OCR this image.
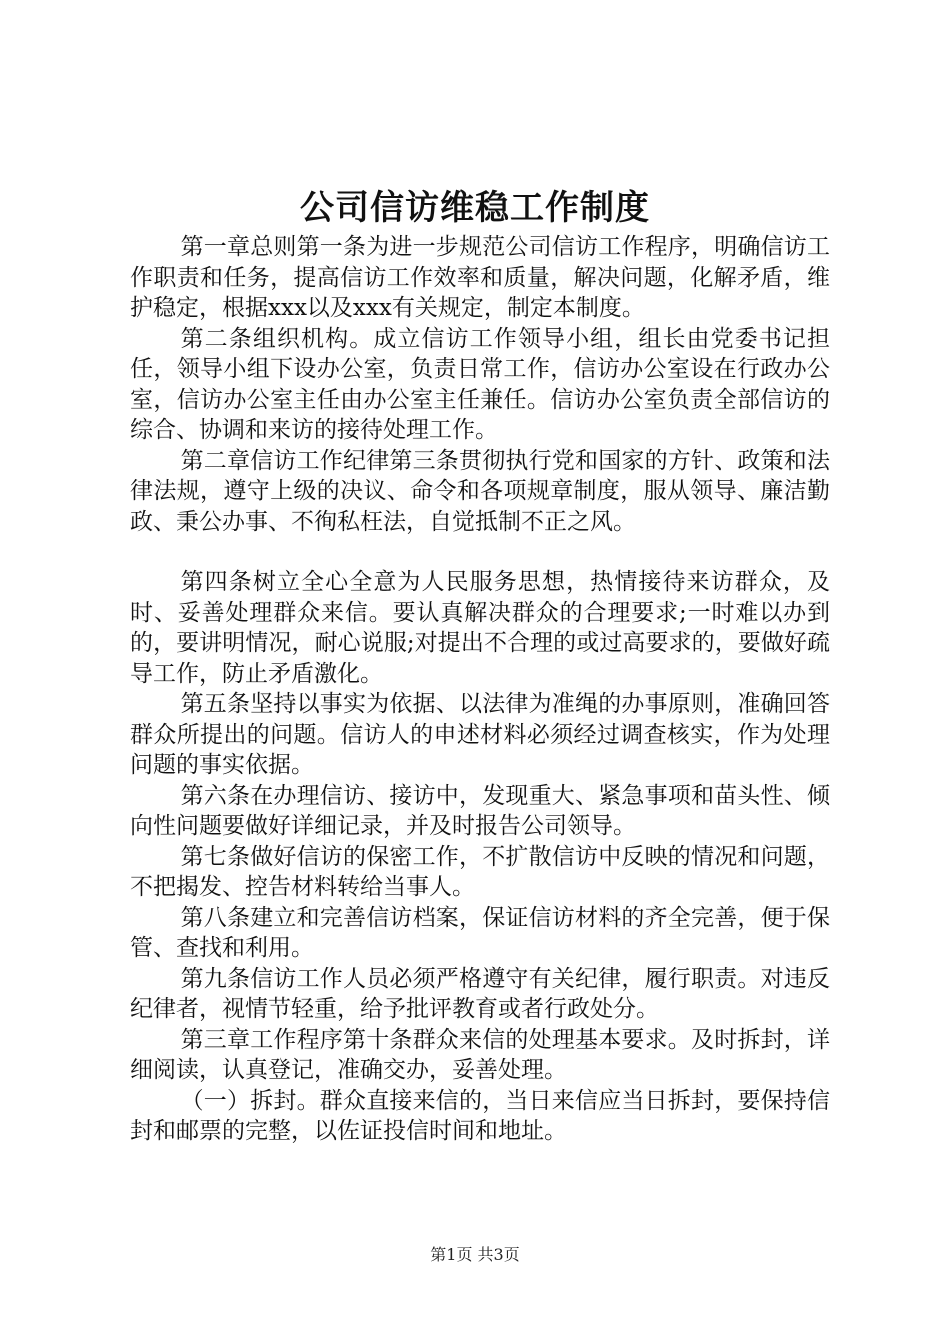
公司信访维稳工作制度

第一章总则第一条为进一步规范公司信访工作程序，明确信访工作职责和任务，提高信访工作效率和质量，解决问题，化解矛盾，维护稳定，根据xxx以及xxx有关规定，制定本制度。

第二条组织机构。成立信访工作领导小组，组长由党委书记担任，领导小组下设办公室，负责日常工作，信访办公室设在行政办公室，信访办公室主任由办公室主任兼任。信访办公室负责全部信访的综合、协调和来访的接待处理工作。

第二章信访工作纪律第三条贯彻执行党和国家的方针、政策和法律法规，遵守上级的决议、命令和各项规章制度，服从领导、廉洁勤政、秉公办事、不徇私枉法，自觉抵制不正之风。

第四条树立全心全意为人民服务思想，热情接待来访群众，及时、妥善处理群众来信。要认真解决群众的合理要求;一时难以办到的，要讲明情况，耐心说服;对提出不合理的或过高要求的，要做好疏导工作，防止矛盾激化。

第五条坚持以事实为依据、以法律为准绳的办事原则，准确回答群众所提出的问题。信访人的申述材料必须经过调查核实，作为处理问题的事实依据。

第六条在办理信访、接访中，发现重大、紧急事项和苗头性、倾向性问题要做好详细记录，并及时报告公司领导。

第七条做好信访的保密工作，不扩散信访中反映的情况和问题，不把揭发、控告材料转给当事人。

第八条建立和完善信访档案，保证信访材料的齐全完善，便于保管、查找和利用。

第九条信访工作人员必须严格遵守有关纪律，履行职责。对违反纪律者，视情节轻重，给予批评教育或者行政处分。

第三章工作程序第十条群众来信的处理基本要求。及时拆封，详细阅读，认真登记，准确交办，妥善处理。

（一）拆封。群众直接来信的，当日来信应当日拆封，要保持信封和邮票的完整，以佐证投信时间和地址。

第1页 共3页
